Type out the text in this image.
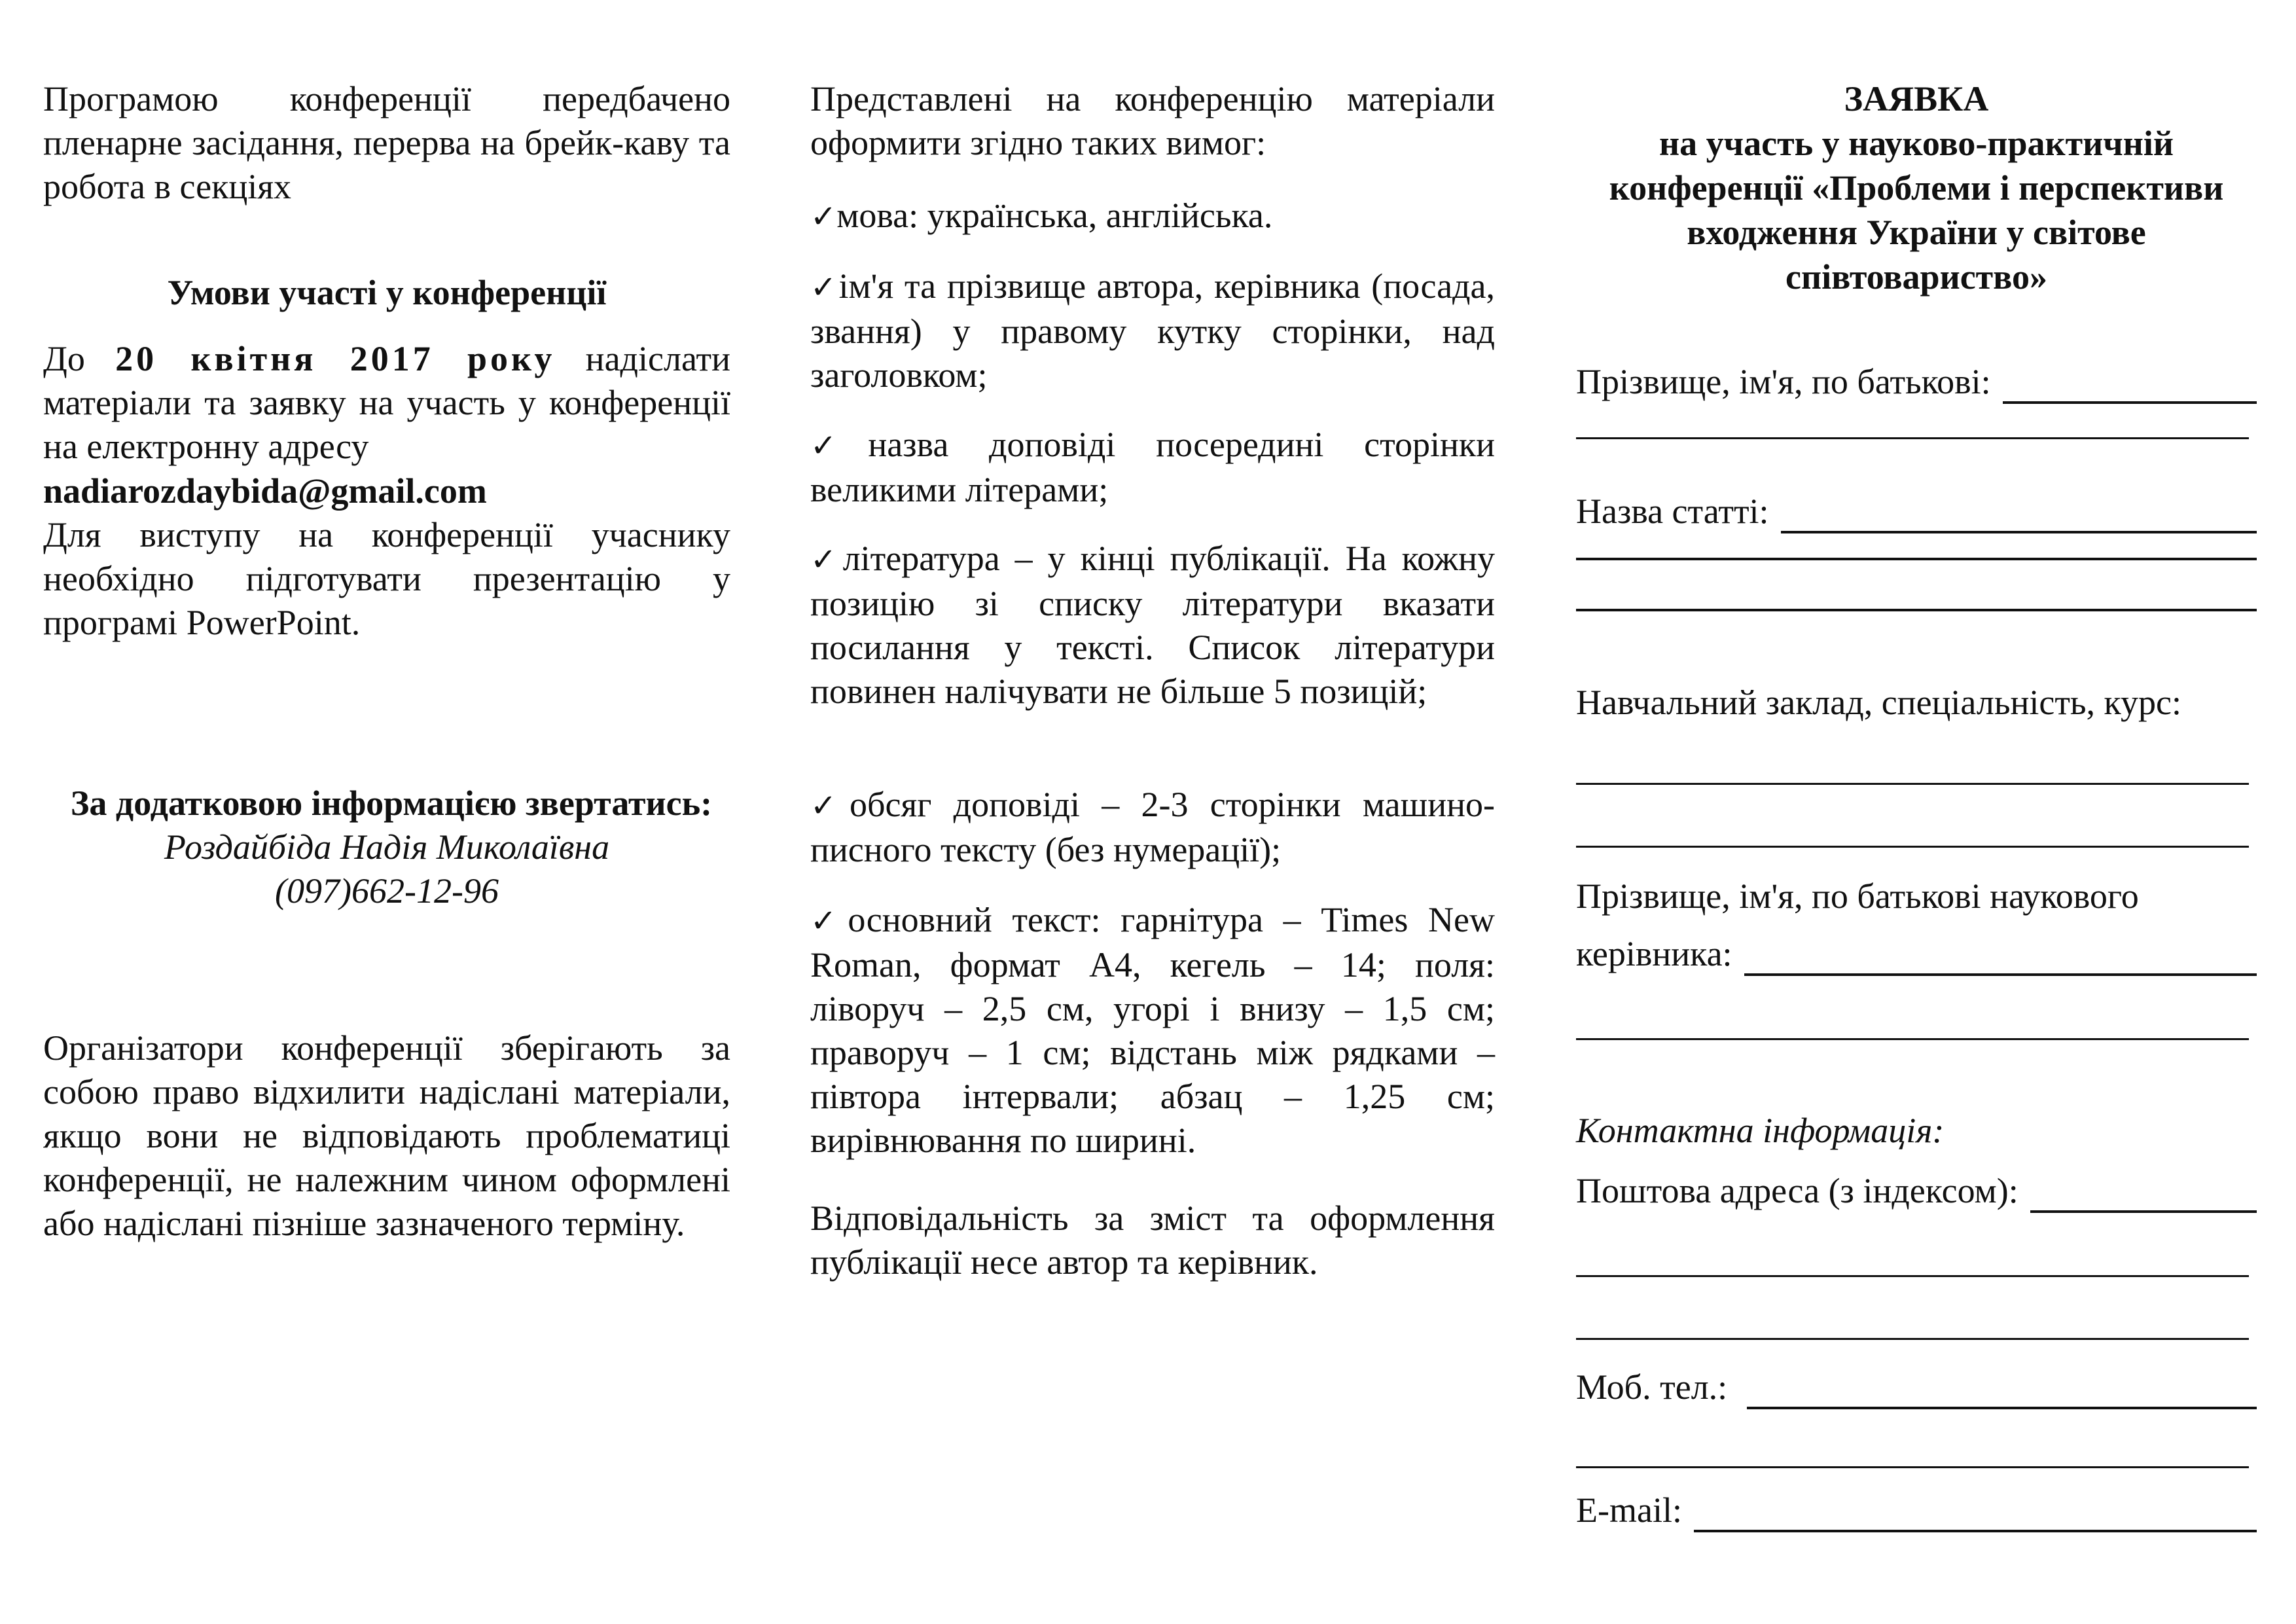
Програмою конференції передбачено пленарне засідання, перерва на брейк-каву та робота в секціях

Умови участі у конференції

До 20 квітня 2017 року надіслати матеріали та заявку на участь у конференції на електронну адресу

nadiarozdaybida@gmail.com

Для виступу на конференції учаснику необхідно підготувати презентацію у програмі PowerPoint.

За додатковою інформацією звертатись:

Роздайбіда Надія Миколаївна

(097)662-12-96

Організатори конференції зберігають за собою право відхилити надіслані матеріали, якщо вони не відповідають проблематиці конференції, не належним чином оформлені або надіслані пізніше зазначеного терміну.

Представлені на конференцію матеріали оформити згідно таких вимог:

✓мова: українська, англійська.

✓ім'я та прізвище автора, керівника (посада, звання) у правому кутку сторінки, над заголовком;

✓назва доповіді посередині сторінки великими літерами;

✓література – у кінці публікації. На кожну позицію зі списку літератури вказати посилання у тексті. Список літератури повинен налічувати не більше 5 позицій;

✓обсяг доповіді – 2-3 сторінки машино-писного тексту (без нумерації);

✓основний текст: гарнітура – Times New Roman, формат А4, кегель – 14; поля: ліворуч – 2,5 см, угорі і внизу – 1,5 см; праворуч – 1 см; відстань між рядками – півтора інтервали; абзац – 1,25 см; вирівнювання по ширині.

Відповідальність за зміст та оформлення публікації несе автор та керівник.

ЗАЯВКА

на участь у науково-практичній конференції «Проблеми і перспективи входження України у світове співтовариство»

Прізвище, ім'я, по батькові:
Назва статті:

Навчальний заклад, спеціальність, курс:

Прізвище, ім'я, по батькові наукового

керівника:

Контактна інформація:

Поштова адреса (з індексом):
Моб. тел.:
E-mail:
